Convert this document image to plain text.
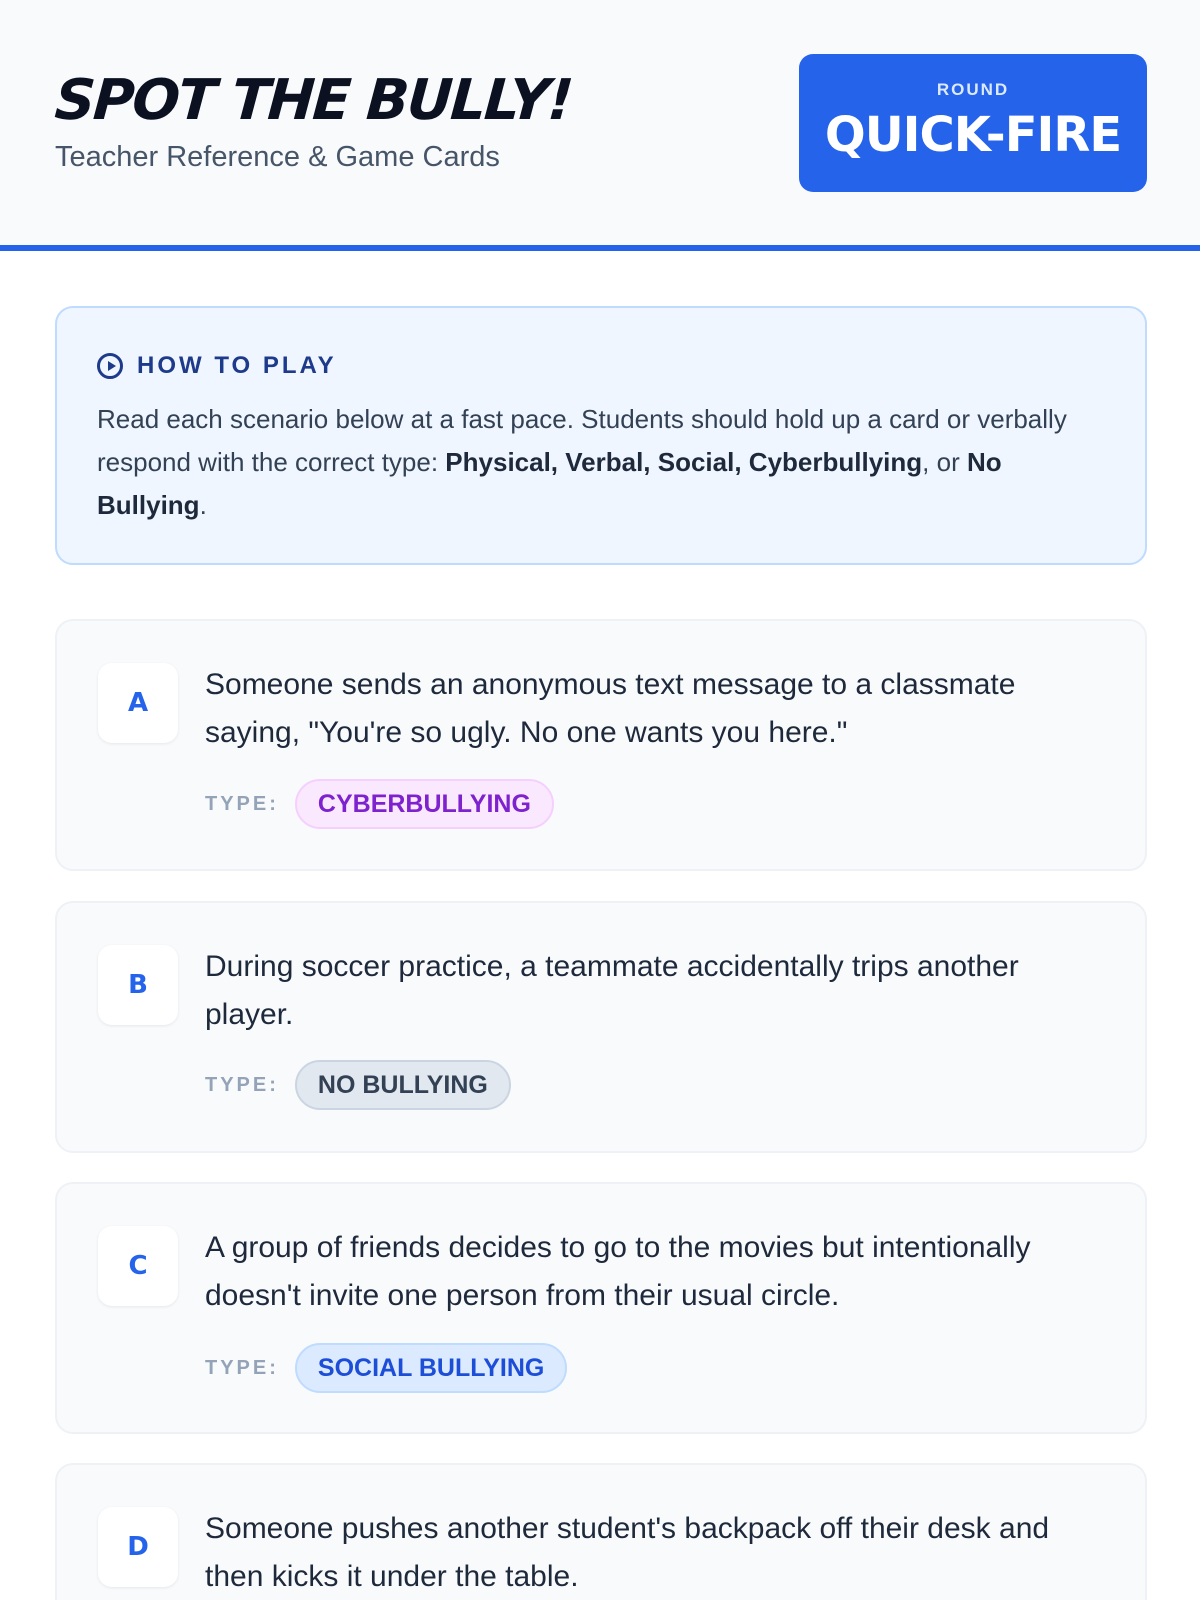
SPOT THE BULLY!
Teacher Reference & Game Cards
ROUND
QUICK-FIRE
HOW TO PLAY
Read each scenario below at a fast pace. Students should hold up a card or verbally respond with the correct type: Physical, Verbal, Social, Cyberbullying, or No Bullying.
A
Someone sends an anonymous text message to a classmate saying, "You're so ugly. No one wants you here."
TYPE:	CYBERBULLYING
B
During soccer practice, a teammate accidentally trips another player.
TYPE:	NO BULLYING
C
A group of friends decides to go to the movies but intentionally doesn't invite one person from their usual circle.
TYPE:	SOCIAL BULLYING
D
Someone pushes another student's backpack off their desk and then kicks it under the table.
